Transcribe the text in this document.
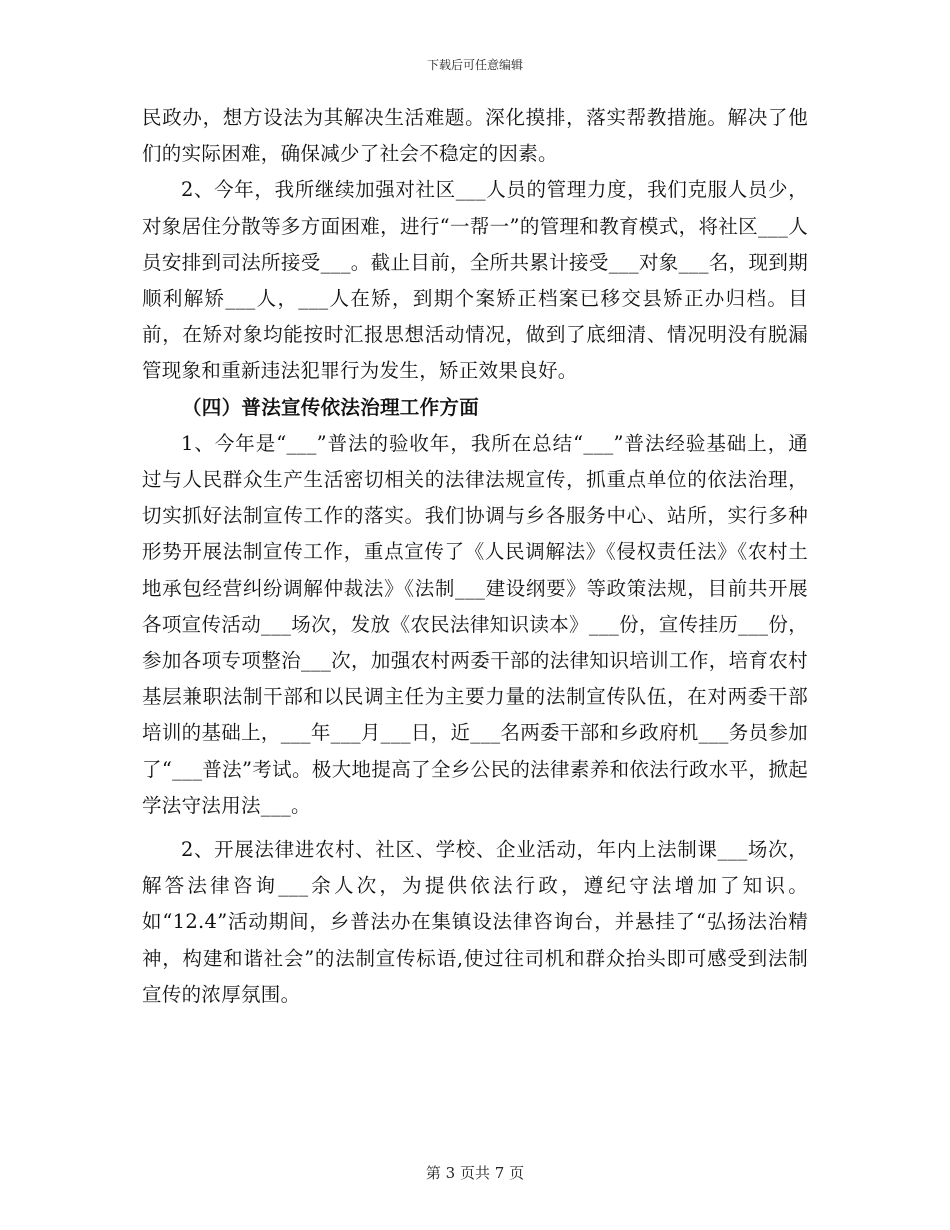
下载后可任意编辑

民政办，想方设法为其解决生活难题。深化摸排，落实帮教措施。解决了他们的实际困难，确保减少了社会不稳定的因素。

2、今年，我所继续加强对社区___人员的管理力度，我们克服人员少，对象居住分散等多方面困难，进行“一帮一”的管理和教育模式，将社区___人员安排到司法所接受___。截止目前，全所共累计接受___对象___名，现到期顺利解矫___人，___人在矫，到期个案矫正档案已移交县矫正办归档。目前，在矫对象均能按时汇报思想活动情况，做到了底细清、情况明没有脱漏管现象和重新违法犯罪行为发生，矫正效果良好。

（四）普法宣传依法治理工作方面

1、今年是“___”普法的验收年，我所在总结“___”普法经验基础上，通过与人民群众生产生活密切相关的法律法规宣传，抓重点单位的依法治理，切实抓好法制宣传工作的落实。我们协调与乡各服务中心、站所，实行多种形势开展法制宣传工作，重点宣传了《人民调解法》《侵权责任法》《农村土地承包经营纠纷调解仲裁法》《法制___建设纲要》等政策法规，目前共开展各项宣传活动___场次，发放《农民法律知识读本》___份，宣传挂历___份，参加各项专项整治___次，加强农村两委干部的法律知识培训工作，培育农村基层兼职法制干部和以民调主任为主要力量的法制宣传队伍，在对两委干部培训的基础上，___年___月___日，近___名两委干部和乡政府机___务员参加了“___普法”考试。极大地提高了全乡公民的法律素养和依法行政水平，掀起学法守法用法___。

2、开展法律进农村、社区、学校、企业活动，年内上法制课___场次，解答法律咨询___余人次，为提供依法行政，遵纪守法增加了知识。如“12.4”活动期间，乡普法办在集镇设法律咨询台，并悬挂了“弘扬法治精神，构建和谐社会”的法制宣传标语,使过往司机和群众抬头即可感受到法制宣传的浓厚氛围。

第 3 页共 7 页
